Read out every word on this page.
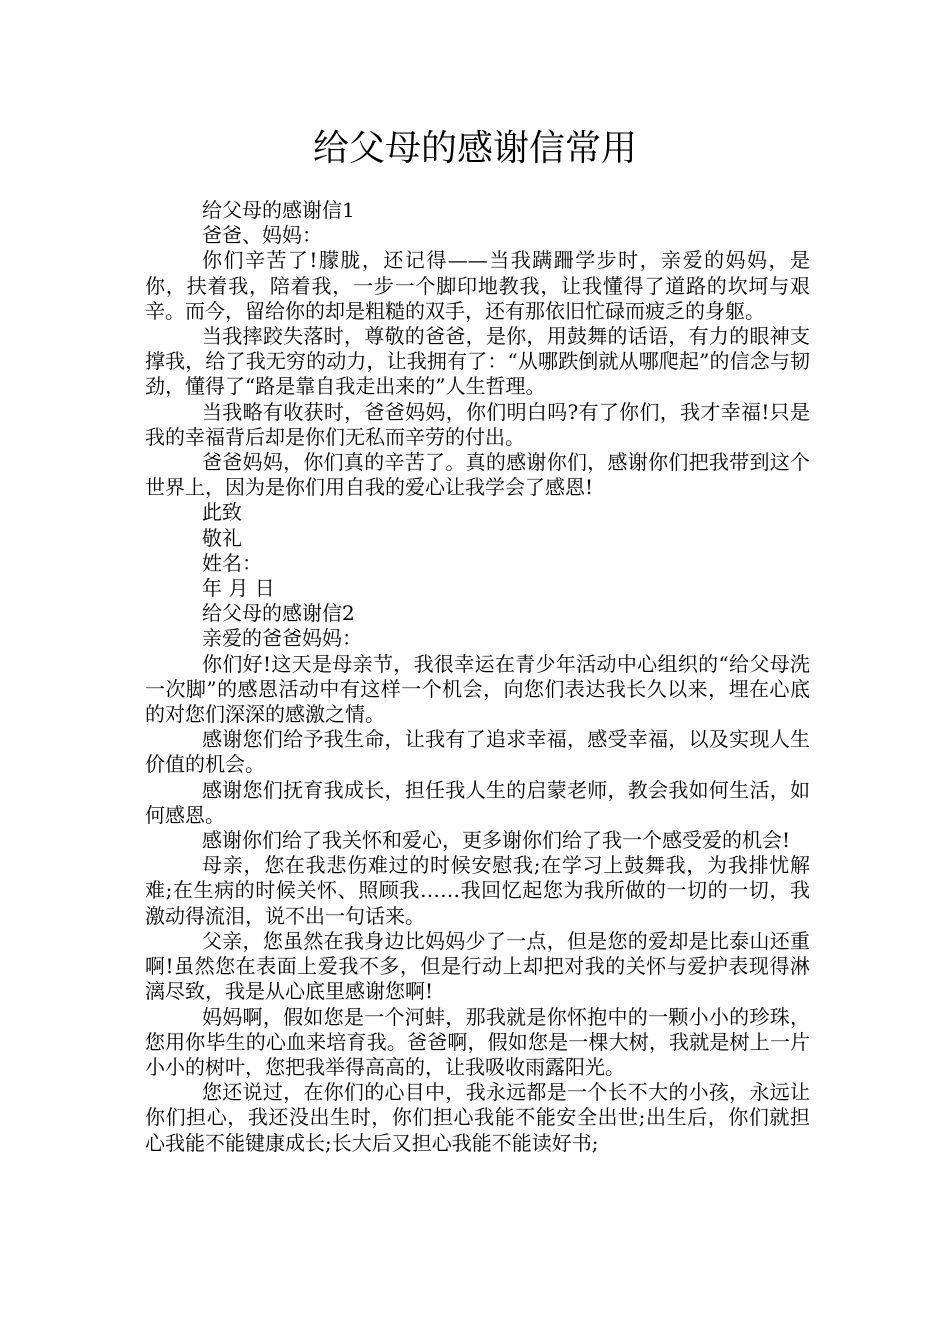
给父母的感谢信常用

给父母的感谢信1

爸爸、妈妈：

你们辛苦了!朦胧，还记得——当我蹒跚学步时，亲爱的妈妈，是你，扶着我，陪着我，一步一个脚印地教我，让我懂得了道路的坎坷与艰辛。而今，留给你的却是粗糙的双手，还有那依旧忙碌而疲乏的身躯。

当我摔跤失落时，尊敬的爸爸，是你，用鼓舞的话语，有力的眼神支撑我，给了我无穷的动力，让我拥有了：“从哪跌倒就从哪爬起”的信念与韧劲，懂得了“路是靠自我走出来的”人生哲理。

当我略有收获时，爸爸妈妈，你们明白吗?有了你们，我才幸福!只是我的幸福背后却是你们无私而辛劳的付出。

爸爸妈妈，你们真的辛苦了。真的感谢你们，感谢你们把我带到这个世界上，因为是你们用自我的爱心让我学会了感恩!

此致

敬礼

姓名：

年 月 日

给父母的感谢信2

亲爱的爸爸妈妈：

你们好!这天是母亲节，我很幸运在青少年活动中心组织的“给父母洗一次脚”的感恩活动中有这样一个机会，向您们表达我长久以来，埋在心底的对您们深深的感激之情。

感谢您们给予我生命，让我有了追求幸福，感受幸福，以及实现人生价值的机会。

感谢您们抚育我成长，担任我人生的启蒙老师，教会我如何生活，如何感恩。

感谢你们给了我关怀和爱心，更多谢你们给了我一个感受爱的机会!

母亲，您在我悲伤难过的时候安慰我;在学习上鼓舞我，为我排忧解难;在生病的时候关怀、照顾我……我回忆起您为我所做的一切的一切，我激动得流泪，说不出一句话来。

父亲，您虽然在我身边比妈妈少了一点，但是您的爱却是比泰山还重啊!虽然您在表面上爱我不多，但是行动上却把对我的关怀与爱护表现得淋漓尽致，我是从心底里感谢您啊!

妈妈啊，假如您是一个河蚌，那我就是你怀抱中的一颗小小的珍珠，您用你毕生的心血来培育我。爸爸啊，假如您是一棵大树，我就是树上一片小小的树叶，您把我举得高高的，让我吸收雨露阳光。

您还说过，在你们的心目中，我永远都是一个长不大的小孩，永远让你们担心，我还没出生时，你们担心我能不能安全出世;出生后，你们就担心我能不能键康成长;长大后又担心我能不能读好书;
